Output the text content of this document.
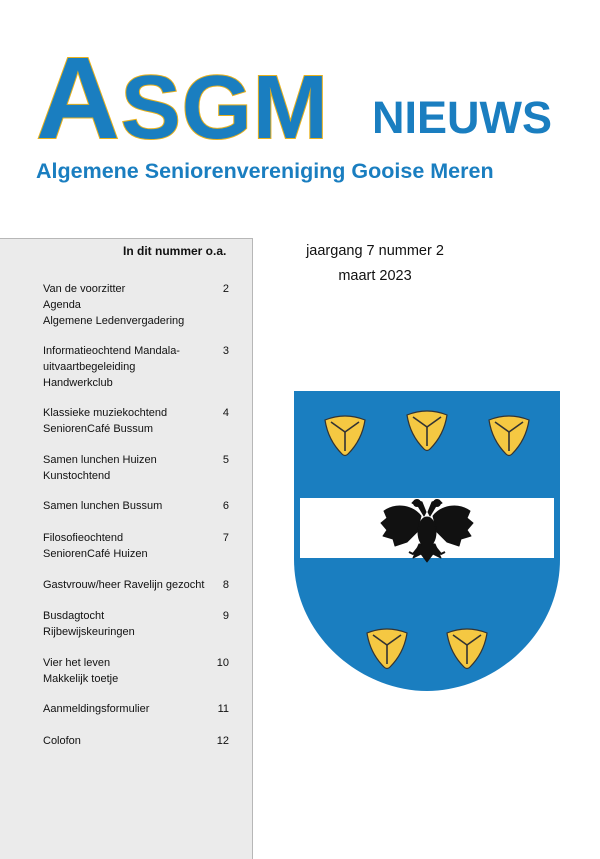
ASGM NIEUWS
Algemene Seniorenvereniging Gooise Meren
jaargang 7 nummer 2
maart 2023
In dit nummer o.a.
Van de voorzitter
Agenda
Algemene Ledenvergadering
2
Informatieochtend Mandala-
uitvaartbegeleiding
Handwerkclub
3
Klassieke muziekochtend
SeniorenCafé Bussum
4
Samen lunchen Huizen
Kunstochtend
5
Samen lunchen Bussum	6
Filosofieochtend
SeniorenCafé Huizen
7
Gastvrouw/heer Ravelijn gezocht	8
Busdagtocht
Rijbewijskeuringen
9
Vier het leven
Makkelijk toetje
10
Aanmeldingsformulier	11
Colofon	12
